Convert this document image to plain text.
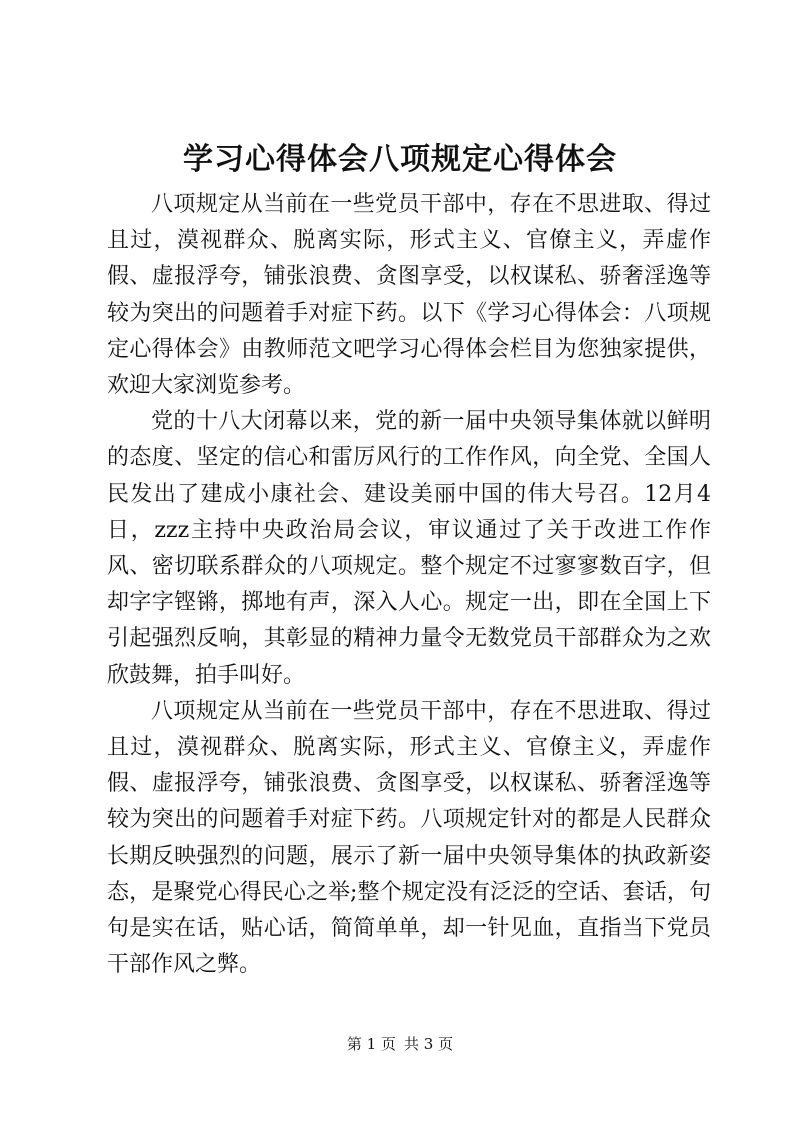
学习心得体会八项规定心得体会

八项规定从当前在一些党员干部中，存在不思进取、得过且过，漠视群众、脱离实际，形式主义、官僚主义，弄虚作假、虚报浮夸，铺张浪费、贪图享受，以权谋私、骄奢淫逸等较为突出的问题着手对症下药。以下《学习心得体会：八项规定心得体会》由教师范文吧学习心得体会栏目为您独家提供，欢迎大家浏览参考。

党的十八大闭幕以来，党的新一届中央领导集体就以鲜明的态度、坚定的信心和雷厉风行的工作作风，向全党、全国人民发出了建成小康社会、建设美丽中国的伟大号召。12月4日，zzz主持中央政治局会议，审议通过了关于改进工作作风、密切联系群众的八项规定。整个规定不过寥寥数百字，但却字字铿锵，掷地有声，深入人心。规定一出，即在全国上下引起强烈反响，其彰显的精神力量令无数党员干部群众为之欢欣鼓舞，拍手叫好。

八项规定从当前在一些党员干部中，存在不思进取、得过且过，漠视群众、脱离实际，形式主义、官僚主义，弄虚作假、虚报浮夸，铺张浪费、贪图享受，以权谋私、骄奢淫逸等较为突出的问题着手对症下药。八项规定针对的都是人民群众长期反映强烈的问题，展示了新一届中央领导集体的执政新姿态，是聚党心得民心之举;整个规定没有泛泛的空话、套话，句句是实在话，贴心话，简简单单，却一针见血，直指当下党员干部作风之弊。

第 1 页 共 3 页
